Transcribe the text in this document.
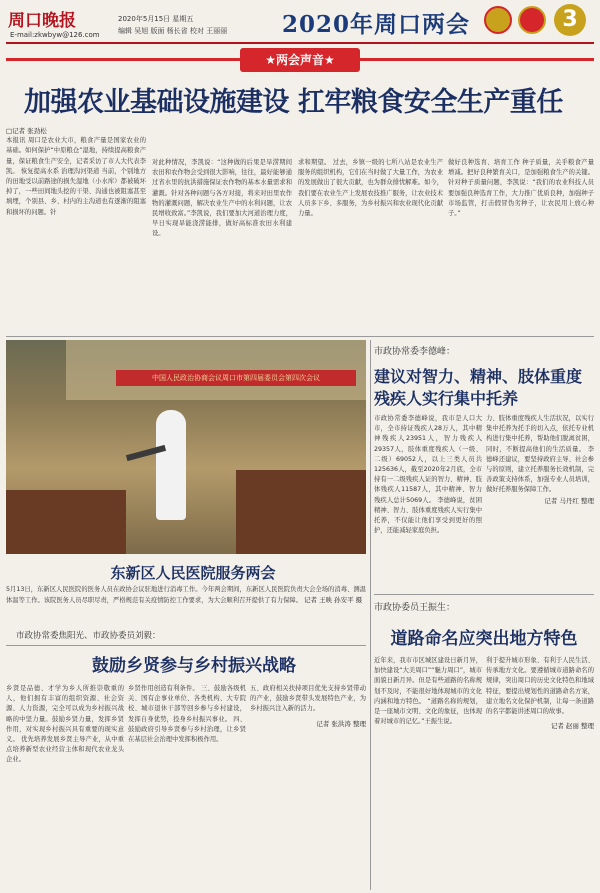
周口晚报
E-mail:zkwbyw@126.com
2020年5月15日 星期五
编辑 吴旭 版面 杨长省 校对 王丽丽 2020年周口两会	3
★两会声音★
加强农业基础设施建设 扛牢粮食安全生产重任
□记者 张劲松
本报讯 周口是农业大市，粮食产量是国家农业的基础。如何保护“中原粮仓”湿地，持续提高粮食产量，保证粮食生产安全，记者采访了市人大代表李凯。 恢复提高水系 治理沟河渠道 当前，个别地方的田地受以前路途的损失湿地（小水库）都被破坏掉了，一些田间地头挖的干渠、沟通也被阻塞甚至填埋，个别县、乡、村内的主沟道也有逐渐的阻塞和损坏的问题。针
对此种情况，李凯说：“这种做的后果是旱涝期间农田和农作物会受到很大影响，往往，最好能够通过省水里的抗洪措施保证农作物的基本水量需求和灌溉。针对各种问题与各方对接，将来对田里农作物的灌溉问题，解决农业生产中的水利问题，让农民增收致富。”李凯说，我们要加大河道治理力度，早日实现旱能浇涝能排，做好高标准农田水利建设。
求和期望。 过去，乡镇一级的七所八站是农业生产服务的组织机构，它们在当时做了大量工作，为农业的发展做出了很大贡献，也为群众排忧解难。如今，我们要在农业生产上发展农技推广服务，让农业技术人员多下乡、多服务，为乡村振兴和农业现代化贡献力量。
做好良种选育、培育工作 种子质量，关乎粮食产量增减。把好良种繁育关口，是加强粮食生产的关键。针对种子质量问题，李凯说：“我们的农业科技人员要加强良种选育工作，大力推广优质良种，加强种子市场监管，打击假冒伪劣种子，让农民用上放心种子。”
中国人民政治协商会议周口市第四届委员会第四次会议
东新区人民医院服务两会
5月13日，东新区人民医院的医务人员在政协会议驻地进行消毒工作。今年两会期间，东新区人民医院负责大会全场的消毒、测温体温等工作。该院医务人员尽职尽责，严格规范有关疫情防控工作要求，为大会顺利召开提供了有力保障。 记者 王映 孙安平 摄
市政协常委李德峰：
建议对智力、精神、肢体重度残疾人实行集中托养
市政协常委李德峰说，我市是人口大市，全市持证残疾人28万人，其中精神残疾人23951人，智力残疾人29357人，肢体重度残疾人（一级、二级）69052人，以上三类人员共125636人，截至2020年2月底，全市持有一二级残疾人证的智力、精神、肢体残疾人11587人，其中精神、智力残疾人总计5069人。 李德峰说，贫困精神、智力、肢体重度残疾人实行集中托养，不仅能让他们享受到更好的照护，还能减轻家庭负担。
力、肢体重度残疾人生活状况，以实行集中托养为托手的切入点，依托专业机构进行集中托养，帮助他们脱离贫困，同时，不断提高他们的生活质量。 李德峰还建议，要坚持政府主导、社会参与的原则，建立托养服务长效机制，完善政策支持体系，加强专业人员培训，做好托养服务保障工作。
记者 马丹红 整理
市政协常委焦阳光、市政协委员刘毅：
鼓励乡贤参与乡村振兴战略
乡贤是品德、才学为乡人所推崇敬重的人，他们拥有丰富的组织资源、社会资源、人力资源，完全可以成为乡村振兴战略的中坚力量。鼓励乡贤力量，发挥乡贤作用，对实现乡村振兴具有重要的现实意义。 优先培养发展乡贤主导产业，从中重点培养新型农业经营主体和现代农业龙头企业。
乡贤作用创造有利条件。 三、鼓励各级机关、国有企事业单位、各类机构、大专院校、城市退休干部等回乡参与乡村建设，发挥自身优势，投身乡村振兴事业。 四、鼓励政府引导乡贤参与乡村治理，让乡贤在基层社会治理中发挥积极作用。
五、政府相关扶持项目优先支持乡贤带动的产业，鼓励乡贤带头发展特色产业，为乡村振兴注入新的活力。
记者 张洪涛 整理
市政协委员王振生：
道路命名应突出地方特色
近年来，我市市区城区建设日新月异，加快建设“大美周口”“魅力周口”，城市面貌日新月异。但是有些道路的名称规划不及时，不能很好地体现城市的文化内涵和地方特色。 “道路名称的规划，是一座城市文明、文化的象征，也体现着对城市的记忆。”王振生说。
利于提升城市形象、有利于人民生活、传承地方文化。要遵循城市道路命名的规律，突出周口的历史文化特色和地域特征，要提出规划性的道路命名方案，建立地名文化保护机制，让每一条道路的名字都能讲述周口的故事。
记者 赵丽 整理
